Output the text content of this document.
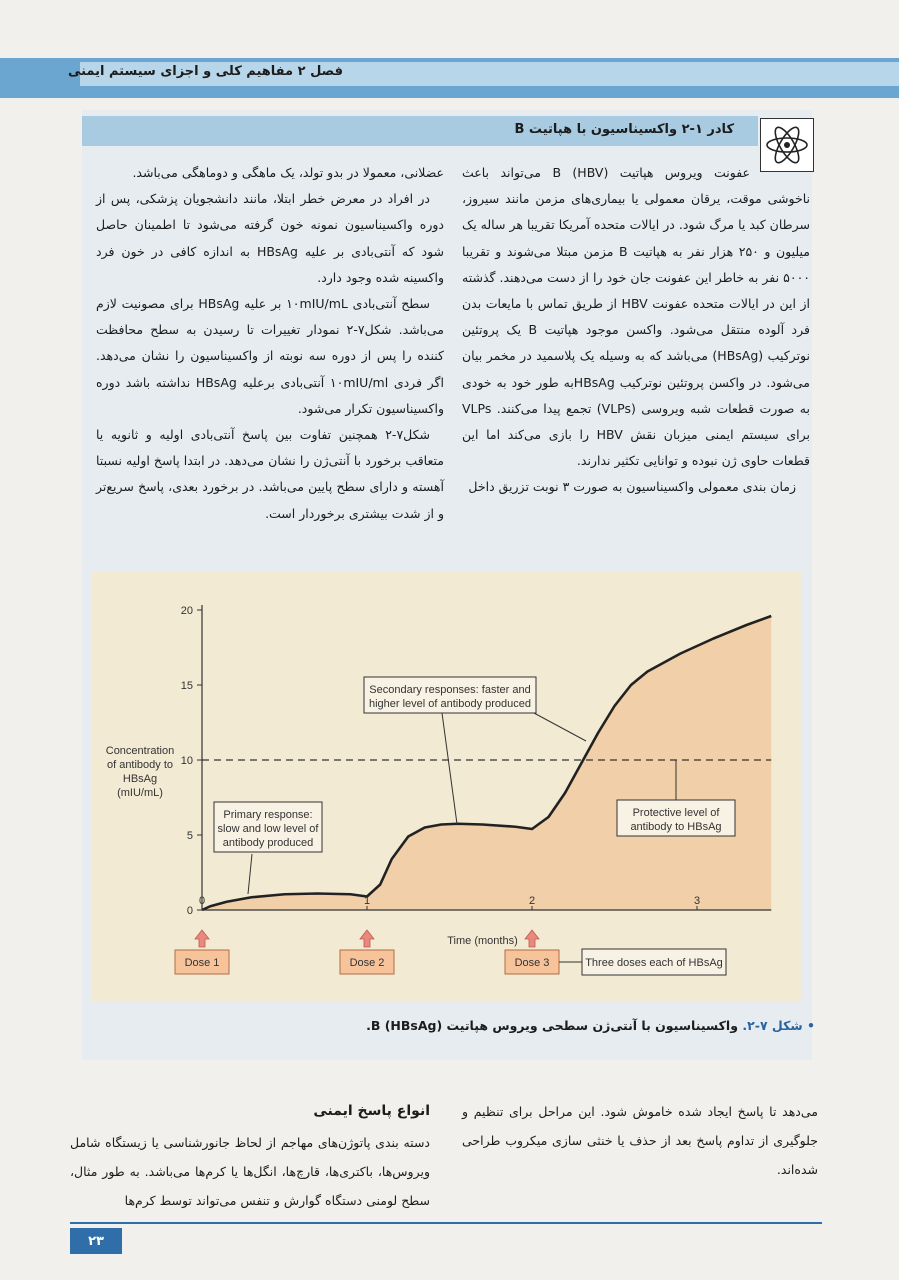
فصل ۲ مفاهیم کلی و اجزای سیستم ایمنی
کادر ۱-۲ واکسیناسیون با هپاتیت B

عفونت ویروس هپاتیت B (HBV) می‌تواند باعث ناخوشی موقت، یرقان معمولی یا بیماری‌های مزمن مانند سیروز، سرطان کبد یا مرگ شود. در ایالات متحده آمریکا تقریبا هر ساله یک میلیون و ۲۵۰ هزار نفر به هپاتیت B مزمن مبتلا می‌شوند و تقریبا ۵۰۰۰ نفر به خاطر این عفونت جان خود را از دست می‌دهند. گذشته از این در ایالات متحده عفونت HBV از طریق تماس با مایعات بدن فرد آلوده منتقل می‌شود. واکسن موجود هپاتیت B یک پروتئین نوترکیب (HBsAg) می‌باشد که به وسیله یک پلاسمید در مخمر بیان می‌شود. در واکسن پروتئین نوترکیب HBsAgبه طور خود به خودی به صورت قطعات شبه ویروسی (VLPs) تجمع پیدا می‌کنند. VLPs برای سیستم ایمنی میزبان نقش HBV را بازی می‌کند اما این قطعات حاوی ژن نبوده و توانایی تکثیر ندارند.

زمان بندی معمولی واکسیناسیون به صورت ۳ نوبت تزریق داخل

عضلانی، معمولا در بدو تولد، یک ماهگی و دوماهگی می‌باشد.

در افراد در معرض خطر ابتلا، مانند دانشجویان پزشکی، پس از دوره واکسیناسیون نمونه خون گرفته می‌شود تا اطمینان حاصل شود که آنتی‌بادی بر علیه HBsAg به اندازه کافی در خون فرد واکسینه شده وجود دارد.

سطح آنتی‌بادی ۱۰mIU/mL بر علیه HBsAg برای مصونیت لازم می‌باشد. شکل۷-۲ نمودار تغییرات تا رسیدن به سطح محافظت کننده را پس از دوره سه نوبته از واکسیناسیون را نشان می‌دهد. اگر فردی ۱۰mIU/ml آنتی‌بادی برعلیه HBsAg نداشته باشد دوره واکسیناسیون تکرار می‌شود.

شکل۷-۲ همچنین تفاوت بین پاسخ آنتی‌بادی اولیه و ثانویه یا متعاقب برخورد با آنتی‌ژن را نشان می‌دهد. در ابتدا پاسخ اولیه نسبتا آهسته و دارای سطح پایین می‌باشد. در برخورد بعدی، پاسخ سریع‌تر و از شدت بیشتری برخوردار است.

0
5
10
15
20
0	1	2	3
Time (months)
Concentration
of antibody to
HBsAg
(mIU/mL)
Primary response:
slow and low level of
antibody produced
Secondary responses: faster and
higher level of antibody produced
Protective level of
antibody to HBsAg
Dose 1	Dose 2	Dose 3	Three doses each of HBsAg
• شکل ۷-۲. واکسیناسیون با آنتی‌ژن سطحی ویروس هپاتیت B (HBsAg).
می‌دهد تا پاسخ ایجاد شده خاموش شود. این مراحل برای تنظیم و جلوگیری از تداوم پاسخ بعد از حذف یا خنثی سازی میکروب طراحی شده‌اند.
انواع پاسخ ایمنی
دسته بندی پاتوژن‌های مهاجم از لحاظ جانورشناسی یا زیستگاه شامل ویروس‌ها، باکتری‌ها، قارچ‌ها، انگل‌ها یا کرم‌ها می‌باشد. به طور مثال، سطح لومنی دستگاه گوارش و تنفس می‌تواند توسط کرم‌ها
۲۳
